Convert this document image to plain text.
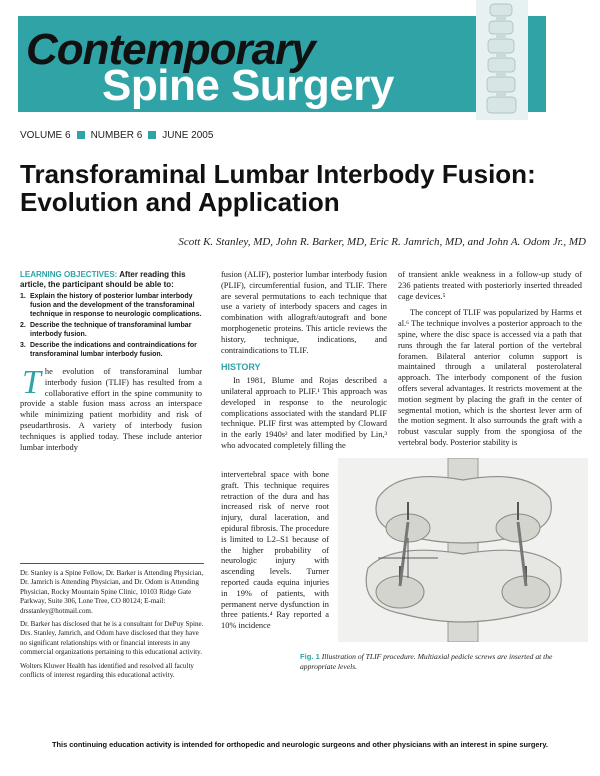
Contemporary
Spine Surgery
VOLUME 6 NUMBER 6 JUNE 2005
Transforaminal Lumbar Interbody Fusion: Evolution and Application
Scott K. Stanley, MD, John R. Barker, MD, Eric R. Jamrich, MD, and John A. Odom Jr., MD
LEARNING OBJECTIVES: After reading this article, the participant should be able to:
1. Explain the history of posterior lumbar interbody fusion and the development of the transforaminal technique in response to neurologic complications.
2. Describe the technique of transforaminal lumbar interbody fusion.
3. Describe the indications and contraindications for transforaminal lumbar interbody fusion.

The evolution of transforaminal lumbar interbody fusion (TLIF) has resulted from a collaborative effort in the spine community to provide a stable fusion mass across an interspace while minimizing patient morbidity and risk of pseudarthrosis. A variety of interbody fusion techniques is applied today. These include anterior lumbar interbody

Dr. Stanley is a Spine Fellow, Dr. Barker is Attending Physician, Dr. Jamrich is Attending Physician, and Dr. Odom is Attending Physician, Rocky Mountain Spine Clinic, 10103 Ridge Gate Parkway, Suite 306, Lone Tree, CO 80124; E-mail: drsstanley@hotmail.com.

Dr. Barker has disclosed that he is a consultant for DePuy Spine. Drs. Stanley, Jamrich, and Odom have disclosed that they have no significant relationships with or financial interests in any commercial organizations pertaining to this educational activity.

Wolters Kluwer Health has identified and resolved all faculty conflicts of interest regarding this educational activity.

fusion (ALIF), posterior lumbar interbody fusion (PLIF), circumferential fusion, and TLIF. There are several permutations to each technique that use a variety of interbody spacers and cages in combination with allograft/autograft and bone morphogenetic proteins. This article reviews the history, technique, indications, and contraindications to TLIF.

HISTORY

In 1981, Blume and Rojas described a unilateral approach to PLIF.¹ This approach was developed in response to the neurologic complications associated with the standard PLIF technique. PLIF first was attempted by Cloward in the early 1940s² and later modified by Lin,³ who advocated completely filling the

intervertebral space with bone graft. This technique requires retraction of the dura and has increased risk of nerve root injury, dural laceration, and epidural fibrosis. The procedure is limited to L2–S1 because of the higher probability of neurologic injury with ascending levels. Turner reported cauda equina injuries in 19% of patients, with permanent nerve dysfunction in three patients.⁴ Ray reported a 10% incidence

of transient ankle weakness in a follow-up study of 236 patients treated with posteriorly inserted threaded cage devices.⁵

The concept of TLIF was popularized by Harms et al.⁶ The technique involves a posterior approach to the spine, where the disc space is accessed via a path that runs through the far lateral portion of the vertebral foramen. Bilateral anterior column support is maintained through a unilateral posterolateral approach. The interbody component of the fusion offers several advantages. It restricts movement at the motion segment by placing the graft in the center of segmental motion, which is the shortest lever arm of the motion segment. It also surrounds the graft with a robust vascular supply from the spongiosa of the vertebral body. Posterior stability is

Fig. 1 Illustration of TLIF procedure. Multiaxial pedicle screws are inserted at the appropriate levels.
This continuing education activity is intended for orthopedic and neurologic surgeons and other physicians with an interest in spine surgery.
